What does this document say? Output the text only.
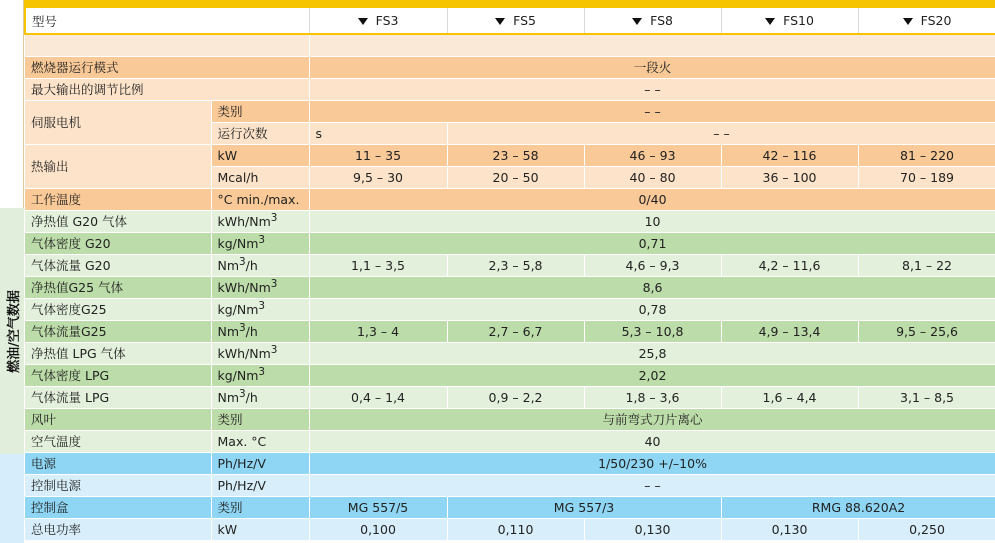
燃油/空气数据
型号		FS3	FS5	FS8	FS10	FS20

燃烧器运行模式		一段火				
最大输出的调节比例		– –				
伺服电机	类别	– –				
	运行次数	s	– –			
热输出	kW	11 – 35	23 – 58	46 – 93	42 – 116	81 – 220
	Mcal/h	9,5 – 30	20 – 50	40 – 80	36 – 100	70 – 189
工作温度	°C min./max.	0/40				
净热值 G20 气体	kWh/Nm$^3$	10				
气体密度 G20	kg/Nm$^3$	0,71				
气体流量 G20	Nm$^3$/h	1,1 – 3,5	2,3 – 5,8	4,6 – 9,3	4,2 – 11,6	8,1 – 22
净热值G25 气体	kWh/Nm$^3$	8,6				
气体密度G25	kg/Nm$^3$	0,78				
气体流量G25	Nm$^3$/h	1,3 – 4	2,7 – 6,7	5,3 – 10,8	4,9 – 13,4	9,5 – 25,6
净热值 LPG 气体	kWh/Nm$^3$	25,8				
气体密度 LPG	kg/Nm$^3$	2,02				
气体流量 LPG	Nm$^3$/h	0,4 – 1,4	0,9 – 2,2	1,8 – 3,6	1,6 – 4,4	3,1 – 8,5
风叶	类别	与前弯式刀片离心				
空气温度	Max. °C	40				
电源	Ph/Hz/V	1/50/230 +/–10%				
控制电源	Ph/Hz/V	– –				
控制盒	类别	MG 557/5	MG 557/3		RMG 88.620A2	
总电功率	kW	0,100	0,110	0,130	0,130	0,250
